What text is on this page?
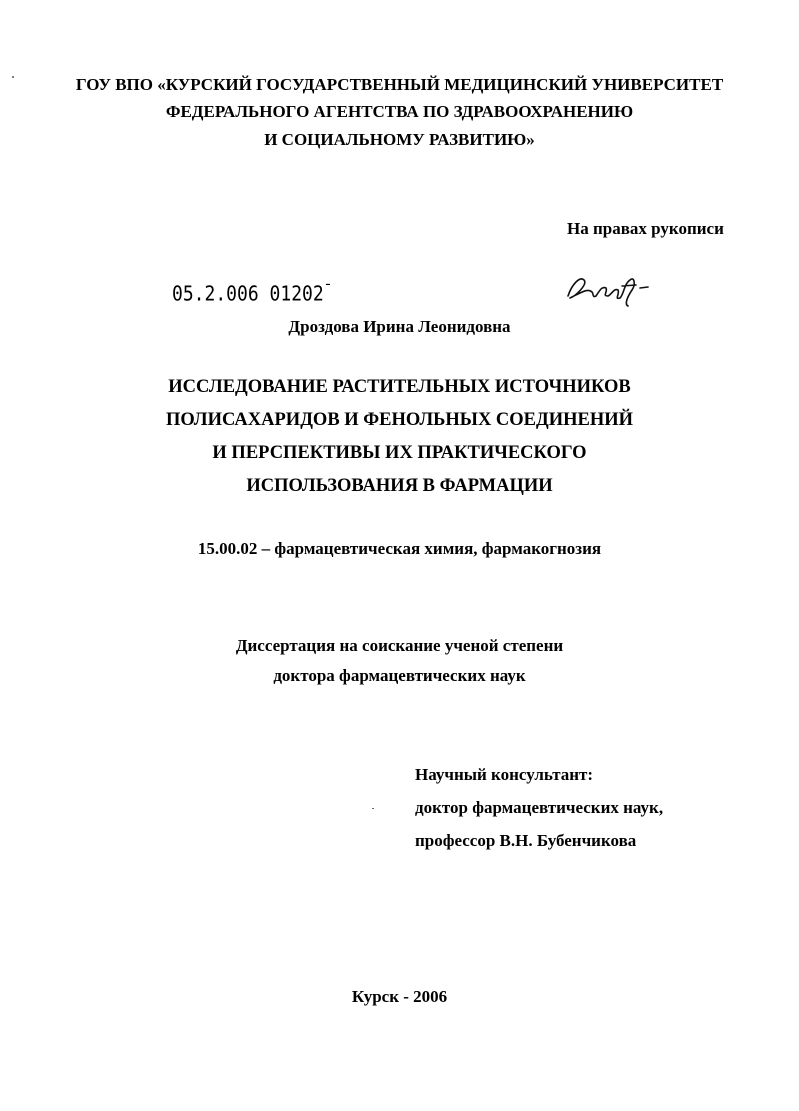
ГОУ ВПО «КУРСКИЙ ГОСУДАРСТВЕННЫЙ МЕДИЦИНСКИЙ УНИВЕРСИТЕТ
ФЕДЕРАЛЬНОГО АГЕНТСТВА ПО ЗДРАВООХРАНЕНИЮ
И СОЦИАЛЬНОМУ РАЗВИТИЮ»
На правах рукописи
05.2.006 01202¯
Дроздова Ирина Леонидовна
ИССЛЕДОВАНИЕ РАСТИТЕЛЬНЫХ ИСТОЧНИКОВ
ПОЛИСАХАРИДОВ И ФЕНОЛЬНЫХ СОЕДИНЕНИЙ
И ПЕРСПЕКТИВЫ ИХ ПРАКТИЧЕСКОГО
ИСПОЛЬЗОВАНИЯ В ФАРМАЦИИ
15.00.02 – фармацевтическая химия, фармакогнозия
Диссертация на соискание ученой степени
доктора фармацевтических наук
Научный консультант:
доктор фармацевтических наук,
профессор В.Н. Бубенчикова
Курск - 2006
